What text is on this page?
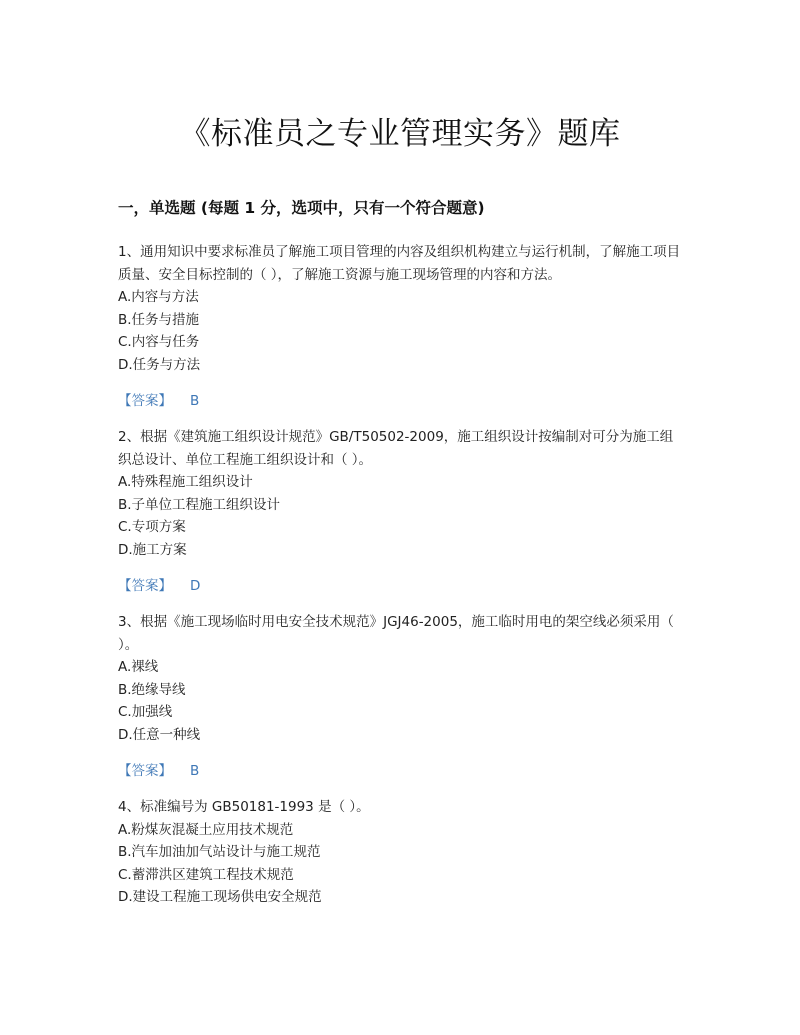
《标准员之专业管理实务》题库
一，单选题 (每题 1 分，选项中，只有一个符合题意)

1、通用知识中要求标准员了解施工项目管理的内容及组织机构建立与运行机制，了解施工项目质量、安全目标控制的（ ），了解施工资源与施工现场管理的内容和方法。

A.内容与方法

B.任务与措施

C.内容与任务

D.任务与方法

【答案】 B

2、根据《建筑施工组织设计规范》GB/T50502-2009，施工组织设计按编制对可分为施工组织总设计、单位工程施工组织设计和（ ）。

A.特殊程施工组织设计

B.子单位工程施工组织设计

C.专项方案

D.施工方案

【答案】 D

3、根据《施工现场临时用电安全技术规范》JGJ46-2005，施工临时用电的架空线必须采用（ ）。

A.裸线

B.绝缘导线

C.加强线

D.任意一种线

【答案】 B

4、标准编号为 GB50181-1993 是（ ）。

A.粉煤灰混凝土应用技术规范

B.汽车加油加气站设计与施工规范

C.蓄滞洪区建筑工程技术规范

D.建设工程施工现场供电安全规范
